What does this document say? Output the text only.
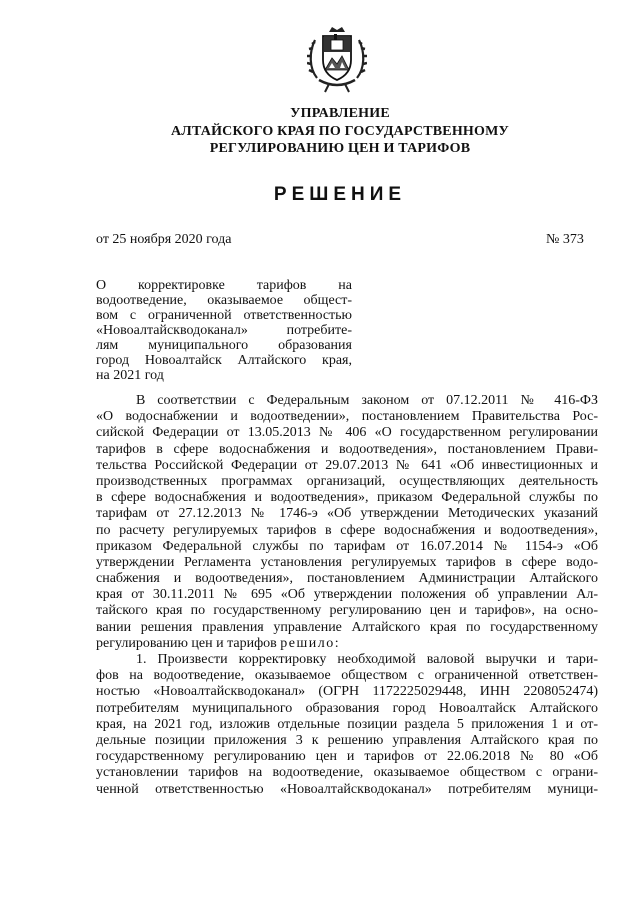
УПРАВЛЕНИЕ
АЛТАЙСКОГО КРАЯ ПО ГОСУДАРСТВЕННОМУ
РЕГУЛИРОВАНИЮ ЦЕН И ТАРИФОВ
РЕШЕНИЕ
от 25 ноября 2020 года	№ 373
О корректировке тарифов на
водоотведение, оказываемое общест-
вом с ограниченной ответственностью
«Новоалтайскводоканал» потребите-
лям муниципального образования
город Новоалтайск Алтайского края,
на 2021 год
В соответствии с Федеральным законом от 07.12.2011 № 416-ФЗ
«О водоснабжении и водоотведении», постановлением Правительства Рос-
сийской Федерации от 13.05.2013 № 406 «О государственном регулировании
тарифов в сфере водоснабжения и водоотведения», постановлением Прави-
тельства Российской Федерации от 29.07.2013 № 641 «Об инвестиционных и
производственных программах организаций, осуществляющих деятельность
в сфере водоснабжения и водоотведения», приказом Федеральной службы по
тарифам от 27.12.2013 № 1746-э «Об утверждении Методических указаний
по расчету регулируемых тарифов в сфере водоснабжения и водоотведения»,
приказом Федеральной службы по тарифам от 16.07.2014 № 1154-э «Об
утверждении Регламента установления регулируемых тарифов в сфере водо-
снабжения и водоотведения», постановлением Администрации Алтайского
края от 30.11.2011 № 695 «Об утверждении положения об управлении Ал-
тайского края по государственному регулированию цен и тарифов», на осно-
вании решения правления управление Алтайского края по государственному
регулированию цен и тарифов решило:
1. Произвести корректировку необходимой валовой выручки и тари-
фов на водоотведение, оказываемое обществом с ограниченной ответствен-
ностью «Новоалтайскводоканал» (ОГРН 1172225029448, ИНН 2208052474)
потребителям муниципального образования город Новоалтайск Алтайского
края, на 2021 год, изложив отдельные позиции раздела 5 приложения 1 и от-
дельные позиции приложения 3 к решению управления Алтайского края по
государственному регулированию цен и тарифов от 22.06.2018 № 80 «Об
установлении тарифов на водоотведение, оказываемое обществом с ограни-
ченной ответственностью «Новоалтайскводоканал» потребителям муници-
